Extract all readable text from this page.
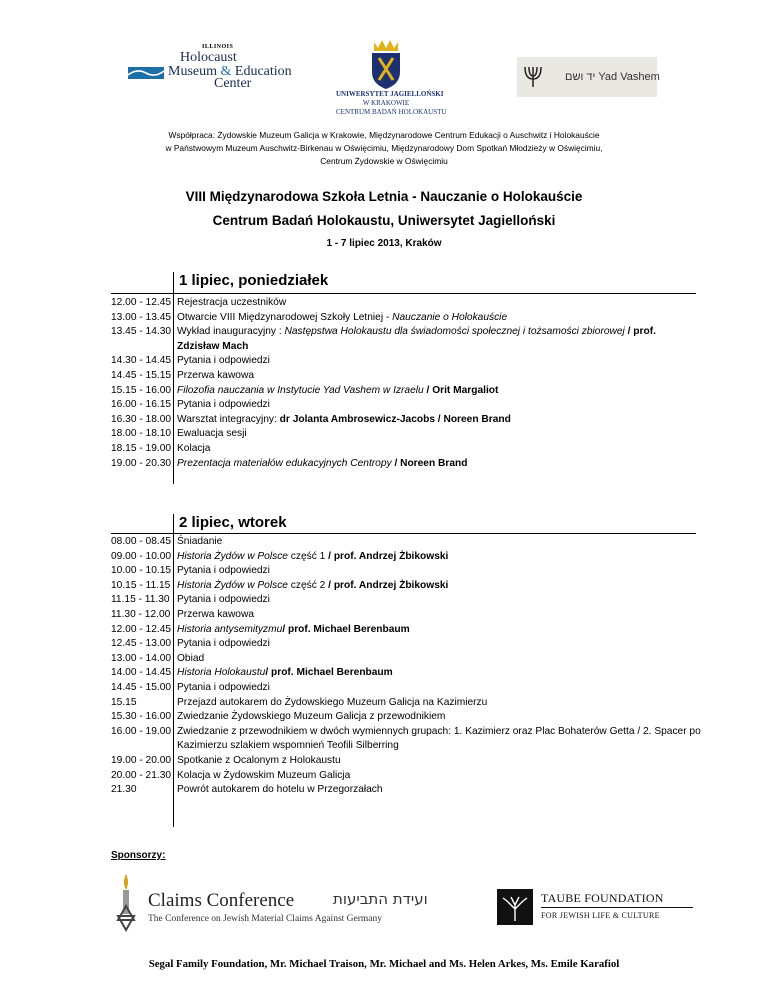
ILLINOIS
Holocaust
Museum & Education
Center
UNIWERSYTET JAGIELLOŃSKI
W KRAKOWIE
CENTRUM BADAŃ HOLOKAUSTU
יד ושם Yad Vashem
Współpraca: Żydowskie Muzeum Galicja w Krakowie, Międzynarodowe Centrum Edukacji o Auschwitz i Holokauście
w Państwowym Muzeum Auschwitz-Birkenau w Oświęcimiu, Międzynarodowy Dom Spotkań Młodzieży w Oświęcimiu,
Centrum Żydowskie w Oświęcimiu
VIII Międzynarodowa Szkoła Letnia - Nauczanie o Holokauście
Centrum Badań Holokaustu, Uniwersytet Jagielloński
1 - 7 lipiec 2013, Kraków
1 lipiec, poniedziałek
12.00 - 12.45 Rejestracja uczestników
13.00 - 13.45 Otwarcie VIII Międzynarodowej Szkoły Letniej - Nauczanie o Holokauście
13.45 - 14.30 Wykład inauguracyjny : Następstwa Holokaustu dla świadomości społecznej i tożsamości zbiorowej / prof. Zdzisław Mach
14.30 - 14.45 Pytania i odpowiedzi
14.45 - 15.15 Przerwa kawowa
15.15 - 16.00 Filozofia nauczania w Instytucie Yad Vashem w Izraelu / Orit Margaliot
16.00 - 16.15 Pytania i odpowiedzi
16.30 - 18.00 Warsztat integracyjny: dr Jolanta Ambrosewicz-Jacobs / Noreen Brand
18.00 - 18.10 Ewaluacja sesji
18.15 - 19.00 Kolacja
19.00 - 20.30 Prezentacja materiałów edukacyjnych Centropy / Noreen Brand
2 lipiec, wtorek
08.00 - 08.45 Śniadanie
09.00 - 10.00 Historia Żydów w Polsce część 1 / prof. Andrzej Żbikowski
10.00 - 10.15 Pytania i odpowiedzi
10.15 - 11.15 Historia Żydów w Polsce część 2 / prof. Andrzej Żbikowski
11.15 - 11.30 Pytania i odpowiedzi
11.30 - 12.00 Przerwa kawowa
12.00 - 12.45 Historia antysemityzmu/ prof. Michael Berenbaum
12.45 - 13.00 Pytania i odpowiedzi
13.00 - 14.00 Obiad
14.00 - 14.45 Historia Holokaustu/ prof. Michael Berenbaum
14.45 - 15.00 Pytania i odpowiedzi
15.15	Przejazd autokarem do Żydowskiego Muzeum Galicja na Kazimierzu
15.30 - 16.00 Zwiedzanie Żydowskiego Muzeum Galicja z przewodnikiem
16.00 - 19.00 Zwiedzanie z przewodnikiem w dwóch wymiennych grupach: 1. Kazimierz oraz Plac Bohaterów Getta / 2. Spacer po Kazimierzu szlakiem wspomnień Teofili Silberring
19.00 - 20.00 Spotkanie z Ocalonym z Holokaustu
20.00 - 21.30 Kolacja w Żydowskim Muzeum Galicja
21.30	Powrót autokarem do hotelu w Przegorzałach
Sponsorzy:
Claims Conference	ועידת התביעות
The Conference on Jewish Material Claims Against Germany
TAUBE FOUNDATION
FOR JEWISH LIFE & CULTURE
Segal Family Foundation, Mr. Michael Traison, Mr. Michael and Ms. Helen Arkes, Ms. Emile Karafiol
